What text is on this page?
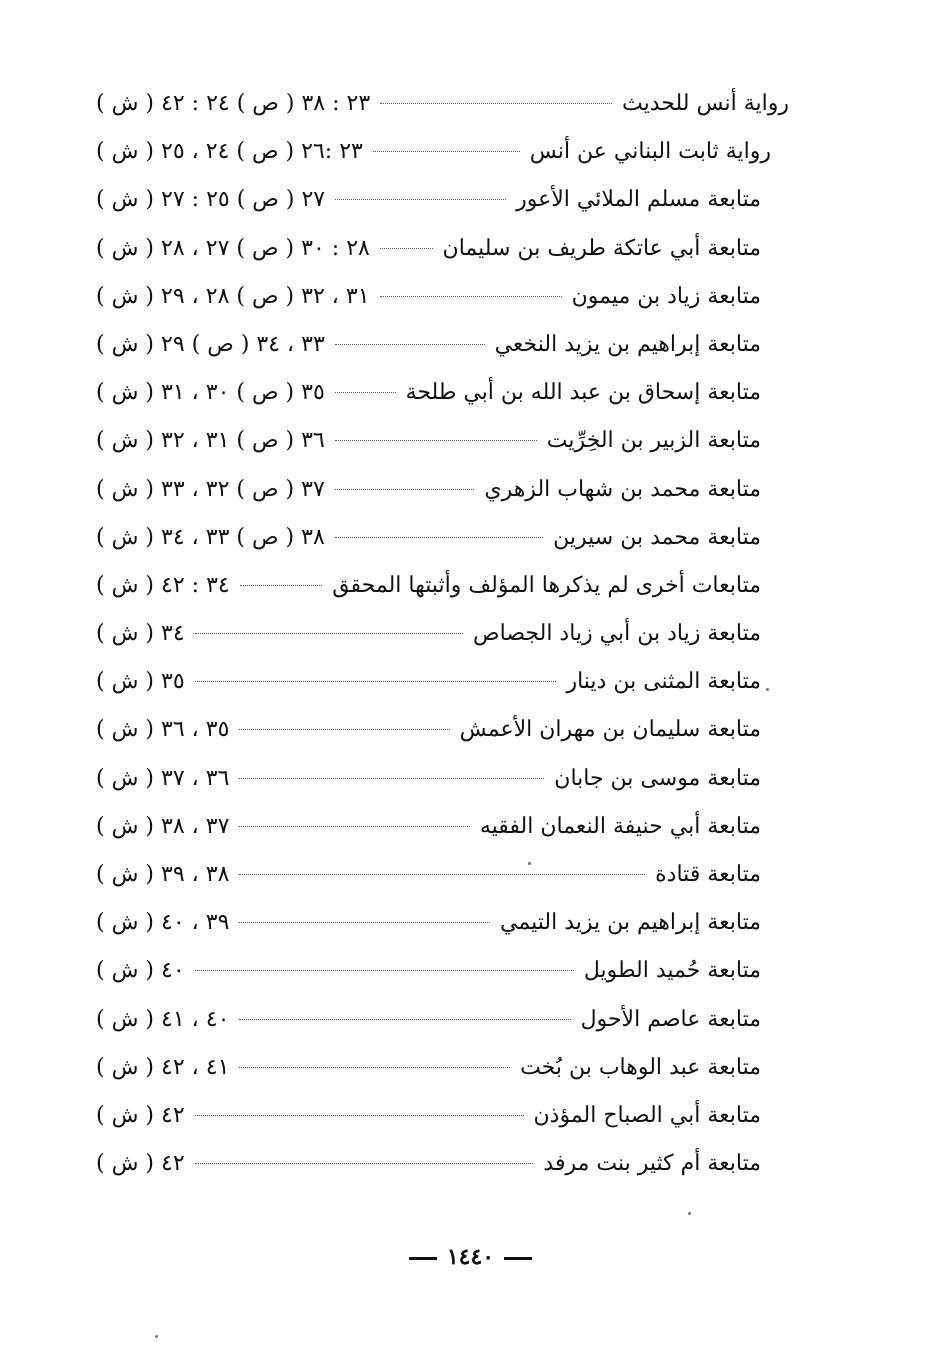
رواية أنس للحديث
٢٣ : ٣٨ ( ص ) ٢٤ : ٤٢ ( ش )
رواية ثابت البناني عن أنس
٢٣ :٢٦ ( ص ) ٢٤ ، ٢٥ ( ش )
متابعة مسلم الملائي الأعور
٢٧ ( ص ) ٢٥ : ٢٧ ( ش )
متابعة أبي عاتكة طريف بن سليمان
٢٨ : ٣٠ ( ص ) ٢٧ ، ٢٨ ( ش )
متابعة زياد بن ميمون
٣١ ، ٣٢ ( ص ) ٢٨ ، ٢٩ ( ش )
متابعة إبراهيم بن يزيد النخعي
٣٣ ، ٣٤ ( ص ) ٢٩ ( ش )
متابعة إسحاق بن عبد الله بن أبي طلحة
٣٥ ( ص ) ٣٠ ، ٣١ ( ش )
متابعة الزبير بن الخِرِّيت
٣٦ ( ص ) ٣١ ، ٣٢ ( ش )
متابعة محمد بن شهاب الزهري
٣٧ ( ص ) ٣٢ ، ٣٣ ( ش )
متابعة محمد بن سيرين
٣٨ ( ص ) ٣٣ ، ٣٤ ( ش )
متابعات أخرى لم يذكرها المؤلف وأثبتها المحقق
٣٤ : ٤٢ ( ش )
متابعة زياد بن أبي زياد الجصاص
٣٤ ( ش )
متابعة المثنى بن دينار
٣٥ ( ش )
متابعة سليمان بن مهران الأعمش
٣٥ ، ٣٦ ( ش )
متابعة موسى بن جابان
٣٦ ، ٣٧ ( ش )
متابعة أبي حنيفة النعمان الفقيه
٣٧ ، ٣٨ ( ش )
متابعة قتادة
٣٨ ، ٣٩ ( ش )
متابعة إبراهيم بن يزيد التيمي
٣٩ ، ٤٠ ( ش )
متابعة حُميد الطويل
٤٠ ( ش )
متابعة عاصم الأحول
٤٠ ، ٤١ ( ش )
متابعة عبد الوهاب بن بُخت
٤١ ، ٤٢ ( ش )
متابعة أبي الصباح المؤذن
٤٢ ( ش )
متابعة أم كثير بنت مرفد
٤٢ ( ش )
١٤٤٠
